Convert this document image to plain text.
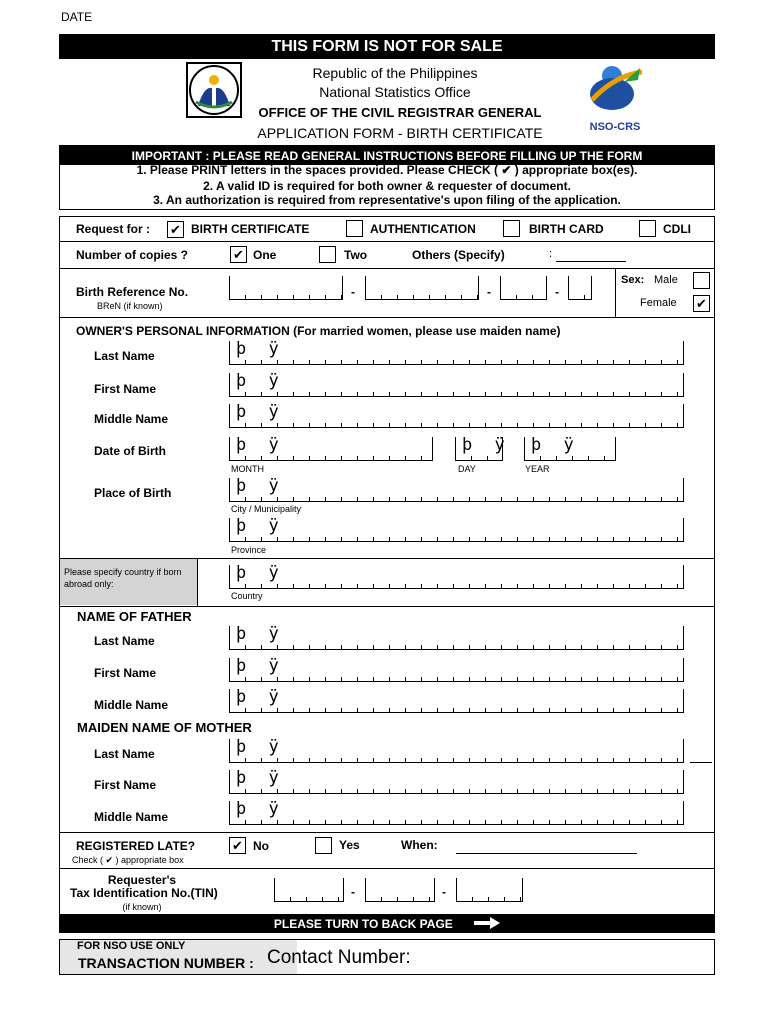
DATE
THIS FORM IS NOT FOR SALE
Republic of the Philippines
National Statistics Office
OFFICE OF THE CIVIL REGISTRAR GENERAL
APPLICATION FORM - BIRTH CERTIFICATE	NSO-CRS
IMPORTANT : PLEASE READ GENERAL INSTRUCTIONS BEFORE FILLING UP THE FORM
1. Please PRINT letters in the spaces provided. Please CHECK ( ✔ ) appropriate box(es).
2. A valid ID is required for both owner & requester of document.
3. An authorization is required from representative's upon filing of the application.
Request for : ✔ BIRTH CERTIFICATE	AUTHENTICATION	BIRTH CARD	CDLI
Number of copies ?	✔ One	Two	Others (Specify)	:
Birth Reference No.
BReN (if known)
-	-	-
Sex: Male
Female ✔
OWNER'S PERSONAL INFORMATION (For married women, please use maiden name)
Last Name	þ ÿ
First Name	þ ÿ
Middle Name	þ ÿ
Date of Birth	þ ÿ	þ ÿ þ ÿ
MONTH	DAY	YEAR
Place of Birth	þ ÿ
City / Municipality
þ ÿ
Province
Please specify country if born abroad only:
þ ÿ
Country
NAME OF FATHER
Last Name	þ ÿ
First Name	þ ÿ
Middle Name	þ ÿ
MAIDEN NAME OF MOTHER
Last Name	þ ÿ
First Name	þ ÿ
Middle Name	þ ÿ
REGISTERED LATE?
Check ( ✔ ) appropriate box
✔ No	Yes	When:
Requester's
Tax Identification No.(TIN)
(if known)
-	-
PLEASE TURN TO BACK PAGE
FOR NSO USE ONLY
TRANSACTION NUMBER : Contact Number:
